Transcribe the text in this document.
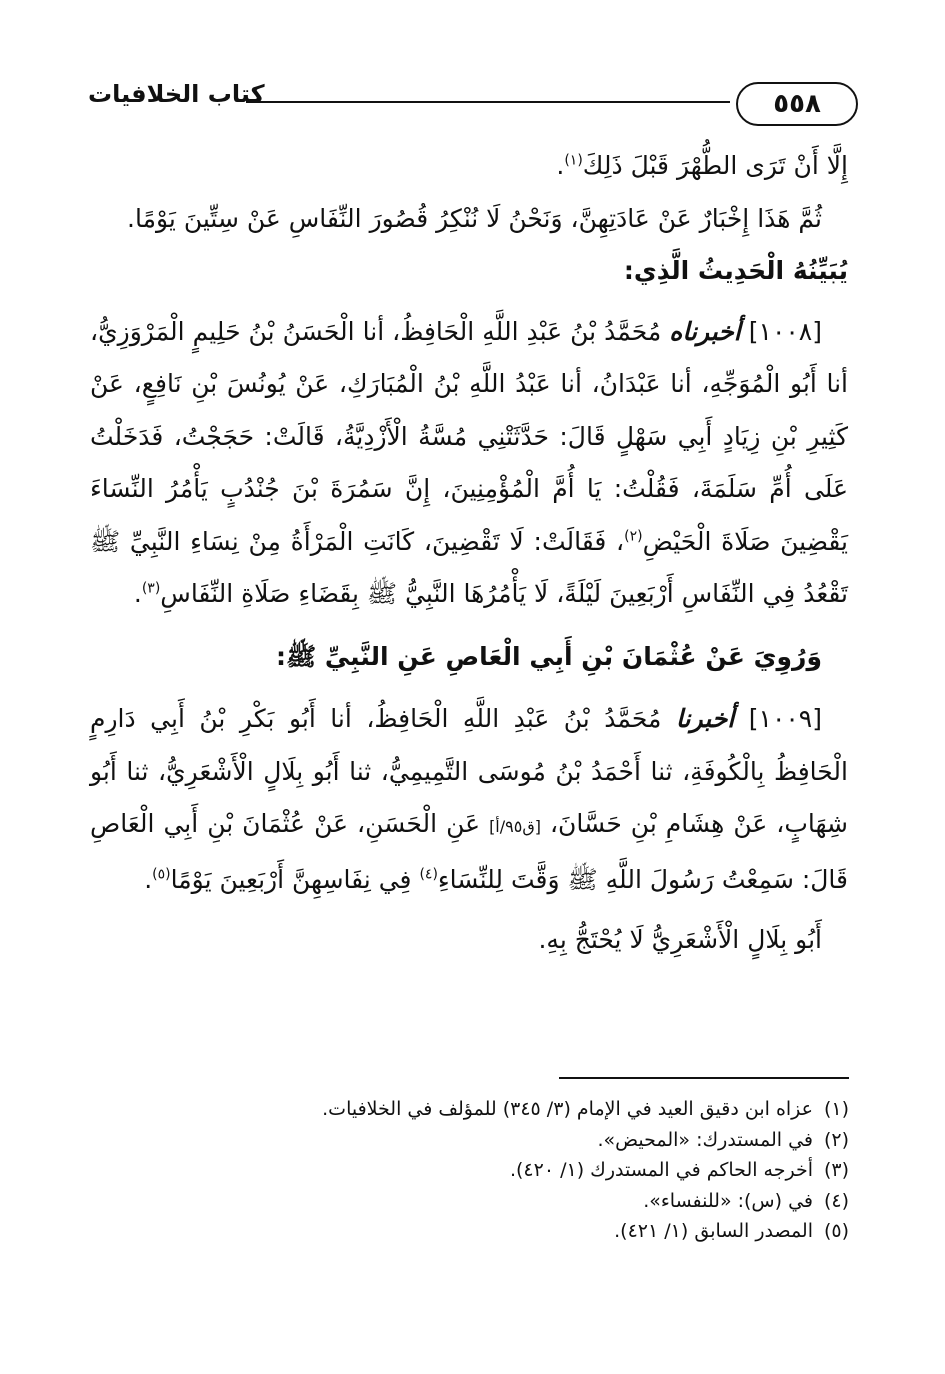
٥٥٨
كتاب الخلافيات

إِلَّا أَنْ تَرَى الطُّهْرَ قَبْلَ ذَلِكَ$^{(١)}$.

ثُمَّ هَذَا إِخْبَارٌ عَنْ عَادَتِهِنَّ، وَنَحْنُ لَا نُنْكِرُ قُصُورَ النِّفَاسِ عَنْ سِتِّينَ يَوْمًا.

يُبَيِّنُهُ الْحَدِيثُ الَّذِي:

[١٠٠٨] أخبرناه مُحَمَّدُ بْنُ عَبْدِ اللَّهِ الْحَافِظُ، أنا الْحَسَنُ بْنُ حَلِيمٍ الْمَرْوَزِيُّ، أنا أَبُو الْمُوَجِّهِ، أنا عَبْدَانُ، أنا عَبْدُ اللَّهِ بْنُ الْمُبَارَكِ، عَنْ يُونُسَ بْنِ نَافِعٍ، عَنْ كَثِيرِ بْنِ زِيَادٍ أَبِي سَهْلٍ قَالَ: حَدَّثَتْنِي مُسَّةُ الْأَزْدِيَّةُ، قَالَتْ: حَجَجْتُ، فَدَخَلْتُ عَلَى أُمِّ سَلَمَةَ، فَقُلْتُ: يَا أُمَّ الْمُؤْمِنِينَ، إِنَّ سَمُرَةَ بْنَ جُنْدُبٍ يَأْمُرُ النِّسَاءَ يَقْضِينَ صَلَاةَ الْحَيْضِ$^{(٢)}$، فَقَالَتْ: لَا تَقْضِينَ، كَانَتِ الْمَرْأَةُ مِنْ نِسَاءِ النَّبِيِّ ﷺ تَقْعُدُ فِي النِّفَاسِ أَرْبَعِينَ لَيْلَةً، لَا يَأْمُرُهَا النَّبِيُّ ﷺ بِقَضَاءِ صَلَاةِ النِّفَاسِ$^{(٣)}$.

وَرُوِيَ عَنْ عُثْمَانَ بْنِ أَبِي الْعَاصِ عَنِ النَّبِيِّ ﷺ:

[١٠٠٩] أخبرنا مُحَمَّدُ بْنُ عَبْدِ اللَّهِ الْحَافِظُ، أنا أَبُو بَكْرِ بْنُ أَبِي دَارِمٍ الْحَافِظُ بِالْكُوفَةِ، ثنا أَحْمَدُ بْنُ مُوسَى التَّمِيمِيُّ، ثنا أَبُو بِلَالٍ الْأَشْعَرِيُّ، ثنا أَبُو شِهَابٍ، عَنْ هِشَامِ بْنِ حَسَّانَ، [ق٩٥/أ] عَنِ الْحَسَنِ، عَنْ عُثْمَانَ بْنِ أَبِي الْعَاصِ قَالَ: سَمِعْتُ رَسُولَ اللَّهِ ﷺ وَقَّتَ لِلنِّسَاءِ$^{(٤)}$ فِي نِفَاسِهِنَّ أَرْبَعِينَ يَوْمًا$^{(٥)}$.

أَبُو بِلَالٍ الْأَشْعَرِيُّ لَا يُحْتَجُّ بِهِ.

(١)عزاه ابن دقيق العيد في الإمام (٣/ ٣٤٥) للمؤلف في الخلافيات.
(٢)في المستدرك: «المحيض».
(٣)أخرجه الحاكم في المستدرك (١/ ٤٢٠).
(٤)في (س): «للنفساء».
(٥)المصدر السابق (١/ ٤٢١).
